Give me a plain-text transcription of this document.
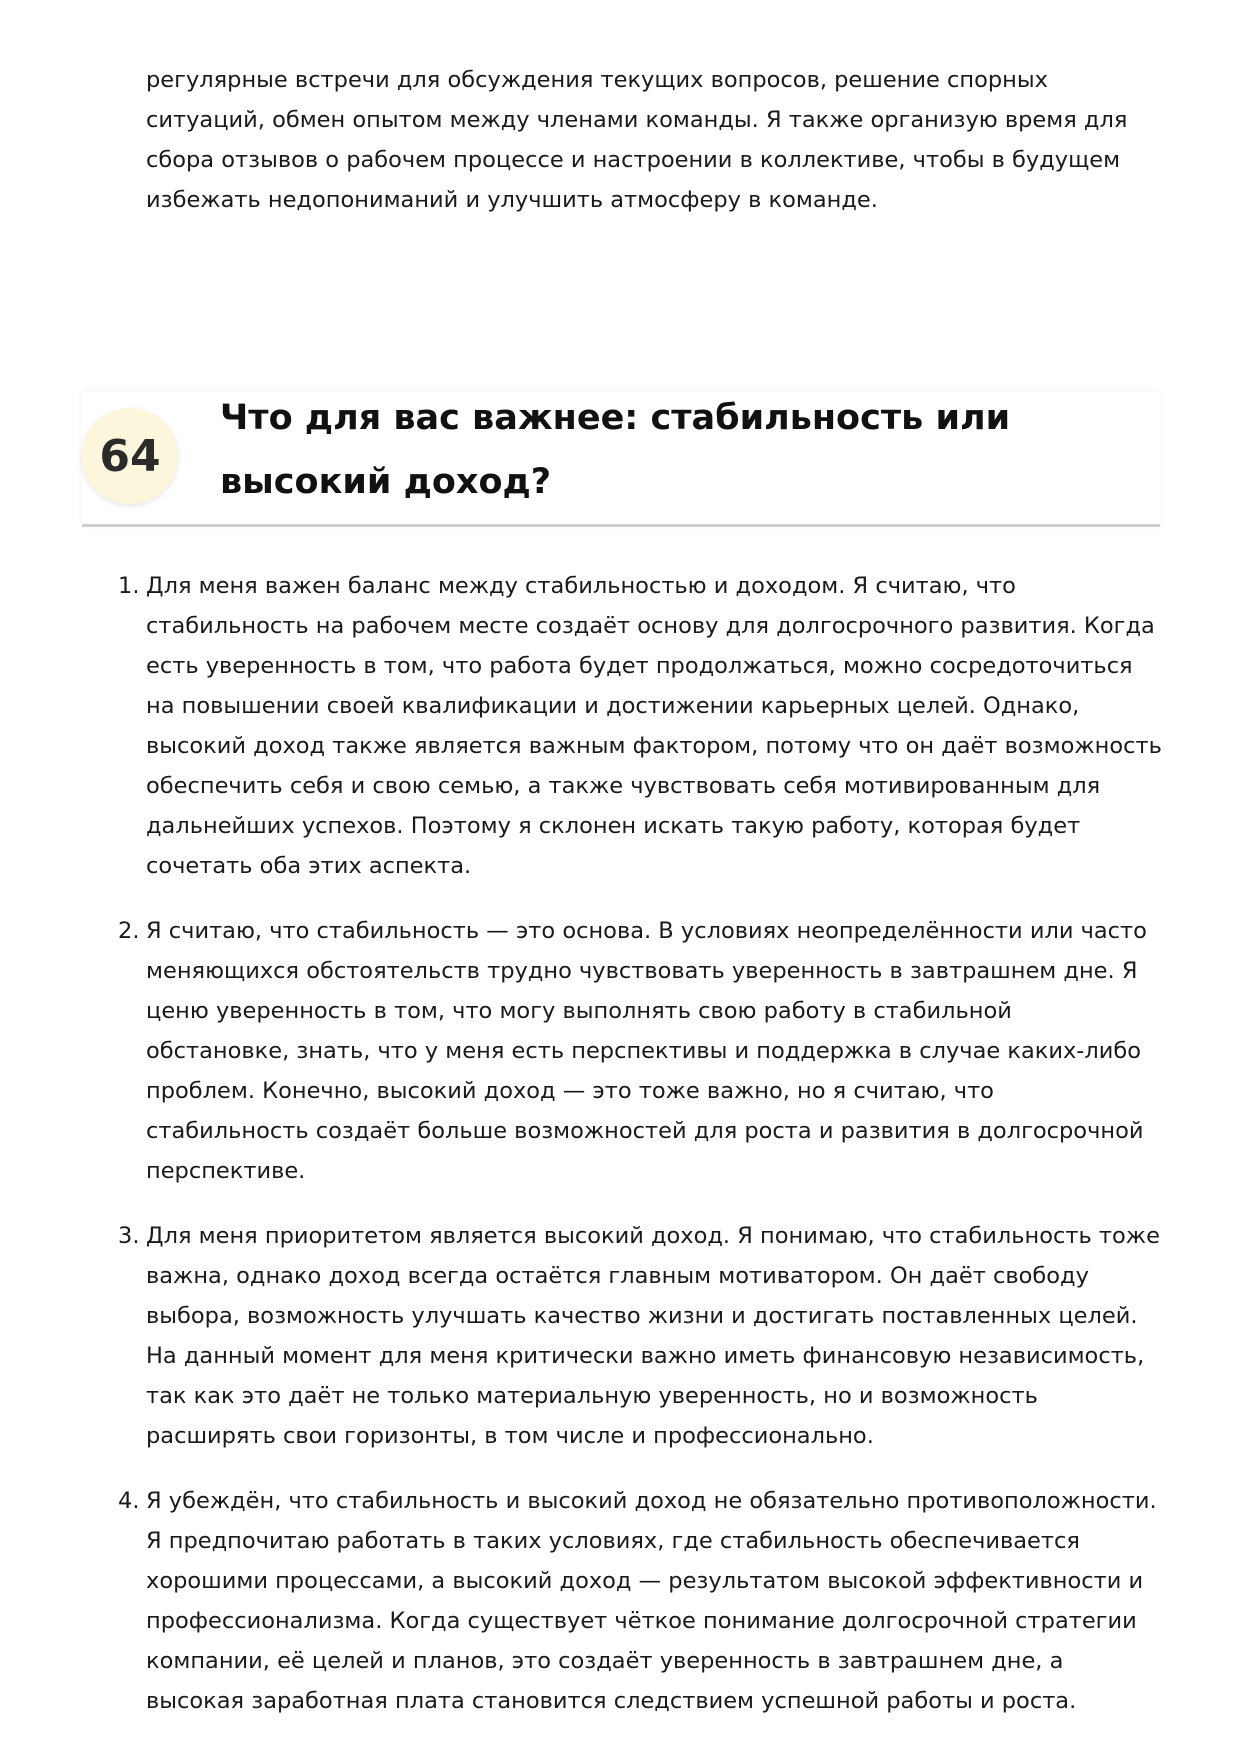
регулярные встречи для обсуждения текущих вопросов, решение спорных ситуаций, обмен опытом между членами команды. Я также организую время для сбора отзывов о рабочем процессе и настроении в коллективе, чтобы в будущем избежать недопониманий и улучшить атмосферу в команде.

64
Что для вас важнее: стабильность или высокий доход?
1. Для меня важен баланс между стабильностью и доходом. Я считаю, что стабильность на рабочем месте создаёт основу для долгосрочного развития. Когда есть уверенность в том, что работа будет продолжаться, можно сосредоточиться на повышении своей квалификации и достижении карьерных целей. Однако, высокий доход также является важным фактором, потому что он даёт возможность обеспечить себя и свою семью, а также чувствовать себя мотивированным для дальнейших успехов. Поэтому я склонен искать такую работу, которая будет сочетать оба этих аспекта.
2. Я считаю, что стабильность — это основа. В условиях неопределённости или часто меняющихся обстоятельств трудно чувствовать уверенность в завтрашнем дне. Я ценю уверенность в том, что могу выполнять свою работу в стабильной обстановке, знать, что у меня есть перспективы и поддержка в случае каких-либо проблем. Конечно, высокий доход — это тоже важно, но я считаю, что стабильность создаёт больше возможностей для роста и развития в долгосрочной перспективе.
3. Для меня приоритетом является высокий доход. Я понимаю, что стабильность тоже важна, однако доход всегда остаётся главным мотиватором. Он даёт свободу выбора, возможность улучшать качество жизни и достигать поставленных целей. На данный момент для меня критически важно иметь финансовую независимость, так как это даёт не только материальную уверенность, но и возможность расширять свои горизонты, в том числе и профессионально.
4. Я убеждён, что стабильность и высокий доход не обязательно противоположности. Я предпочитаю работать в таких условиях, где стабильность обеспечивается хорошими процессами, а высокий доход — результатом высокой эффективности и профессионализма. Когда существует чёткое понимание долгосрочной стратегии компании, её целей и планов, это создаёт уверенность в завтрашнем дне, а высокая заработная плата становится следствием успешной работы и роста.
